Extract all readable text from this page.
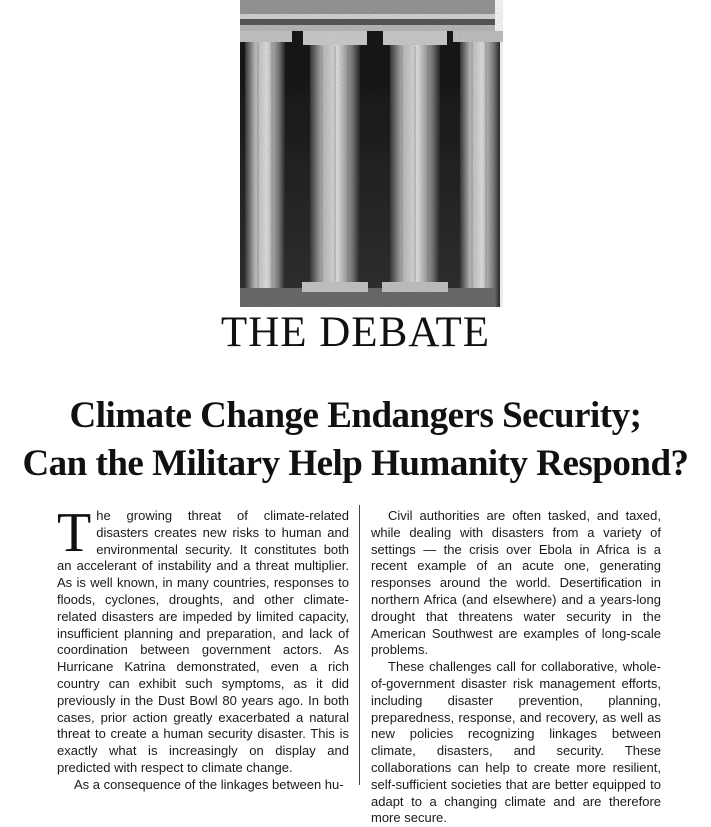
THE DEBATE
Climate Change Endangers Security;
Can the Military Help Humanity Respond?

The growing threat of climate-related disasters creates new risks to human and environmental security. It constitutes both an accelerant of instability and a threat multiplier. As is well known, in many countries, responses to floods, cyclones, droughts, and other climate-related disasters are impeded by limited capacity, insufficient planning and preparation, and lack of coordination between government actors. As Hurricane Katrina demonstrated, even a rich country can exhibit such symptoms, as it did previously in the Dust Bowl 80 years ago. In both cases, prior action greatly exacerbated a natural threat to create a human security disaster. This is exactly what is increasingly on display and predicted with respect to climate change.

As a consequence of the linkages between hu-

Civil authorities are often tasked, and taxed, while dealing with disasters from a variety of settings — the crisis over Ebola in Africa is a recent example of an acute one, generating responses around the world. Desertification in northern Africa (and elsewhere) and a years-long drought that threatens water security in the American Southwest are examples of long-scale problems.

These challenges call for collaborative, whole-of-government disaster risk management efforts, including disaster prevention, planning, preparedness, response, and recovery, as well as new policies recognizing linkages between climate, disasters, and security. These collaborations can help to create more resilient, self-sufficient societies that are better equipped to adapt to a changing climate and are therefore more secure.
